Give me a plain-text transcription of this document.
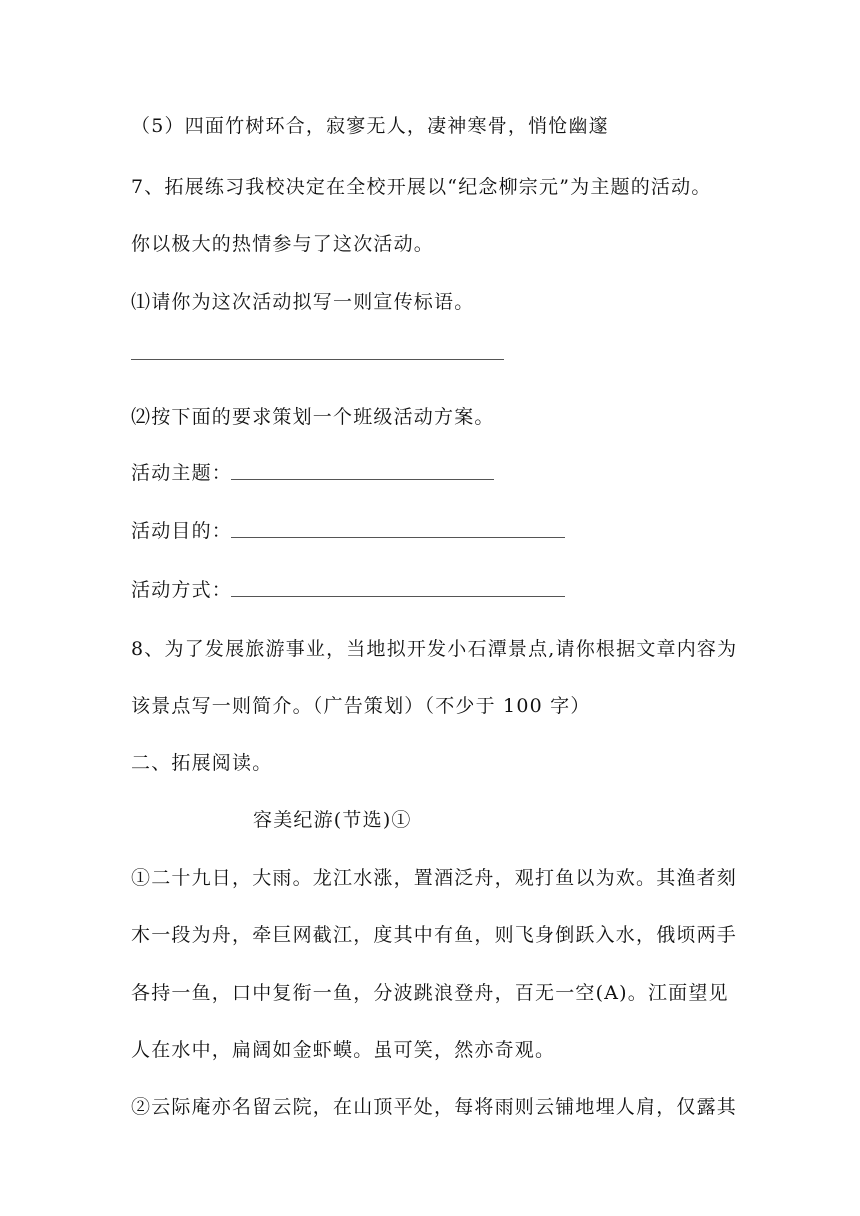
（5）四面竹树环合，寂寥无人，凄神寒骨，悄怆幽邃
7、拓展练习我校决定在全校开展以“纪念柳宗元”为主题的活动。
你以极大的热情参与了这次活动。
⑴请你为这次活动拟写一则宣传标语。
⑵按下面的要求策划一个班级活动方案。
活动主题：
活动目的：
活动方式：
8、为了发展旅游事业，当地拟开发小石潭景点,请你根据文章内容为
该景点写一则简介。（广告策划）（不少于 100 字）
二、拓展阅读。
容美纪游(节选)①
①二十九日，大雨。龙江水涨，置酒泛舟，观打鱼以为欢。其渔者刻
木一段为舟，牵巨网截江，度其中有鱼，则飞身倒跃入水，俄顷两手
各持一鱼，口中复衔一鱼，分波跳浪登舟，百无一空(A)。江面望见
人在水中，扁阔如金虾蟆。虽可笑，然亦奇观。
②云际庵亦名留云院，在山顶平处，每将雨则云铺地埋人肩，仅露其
